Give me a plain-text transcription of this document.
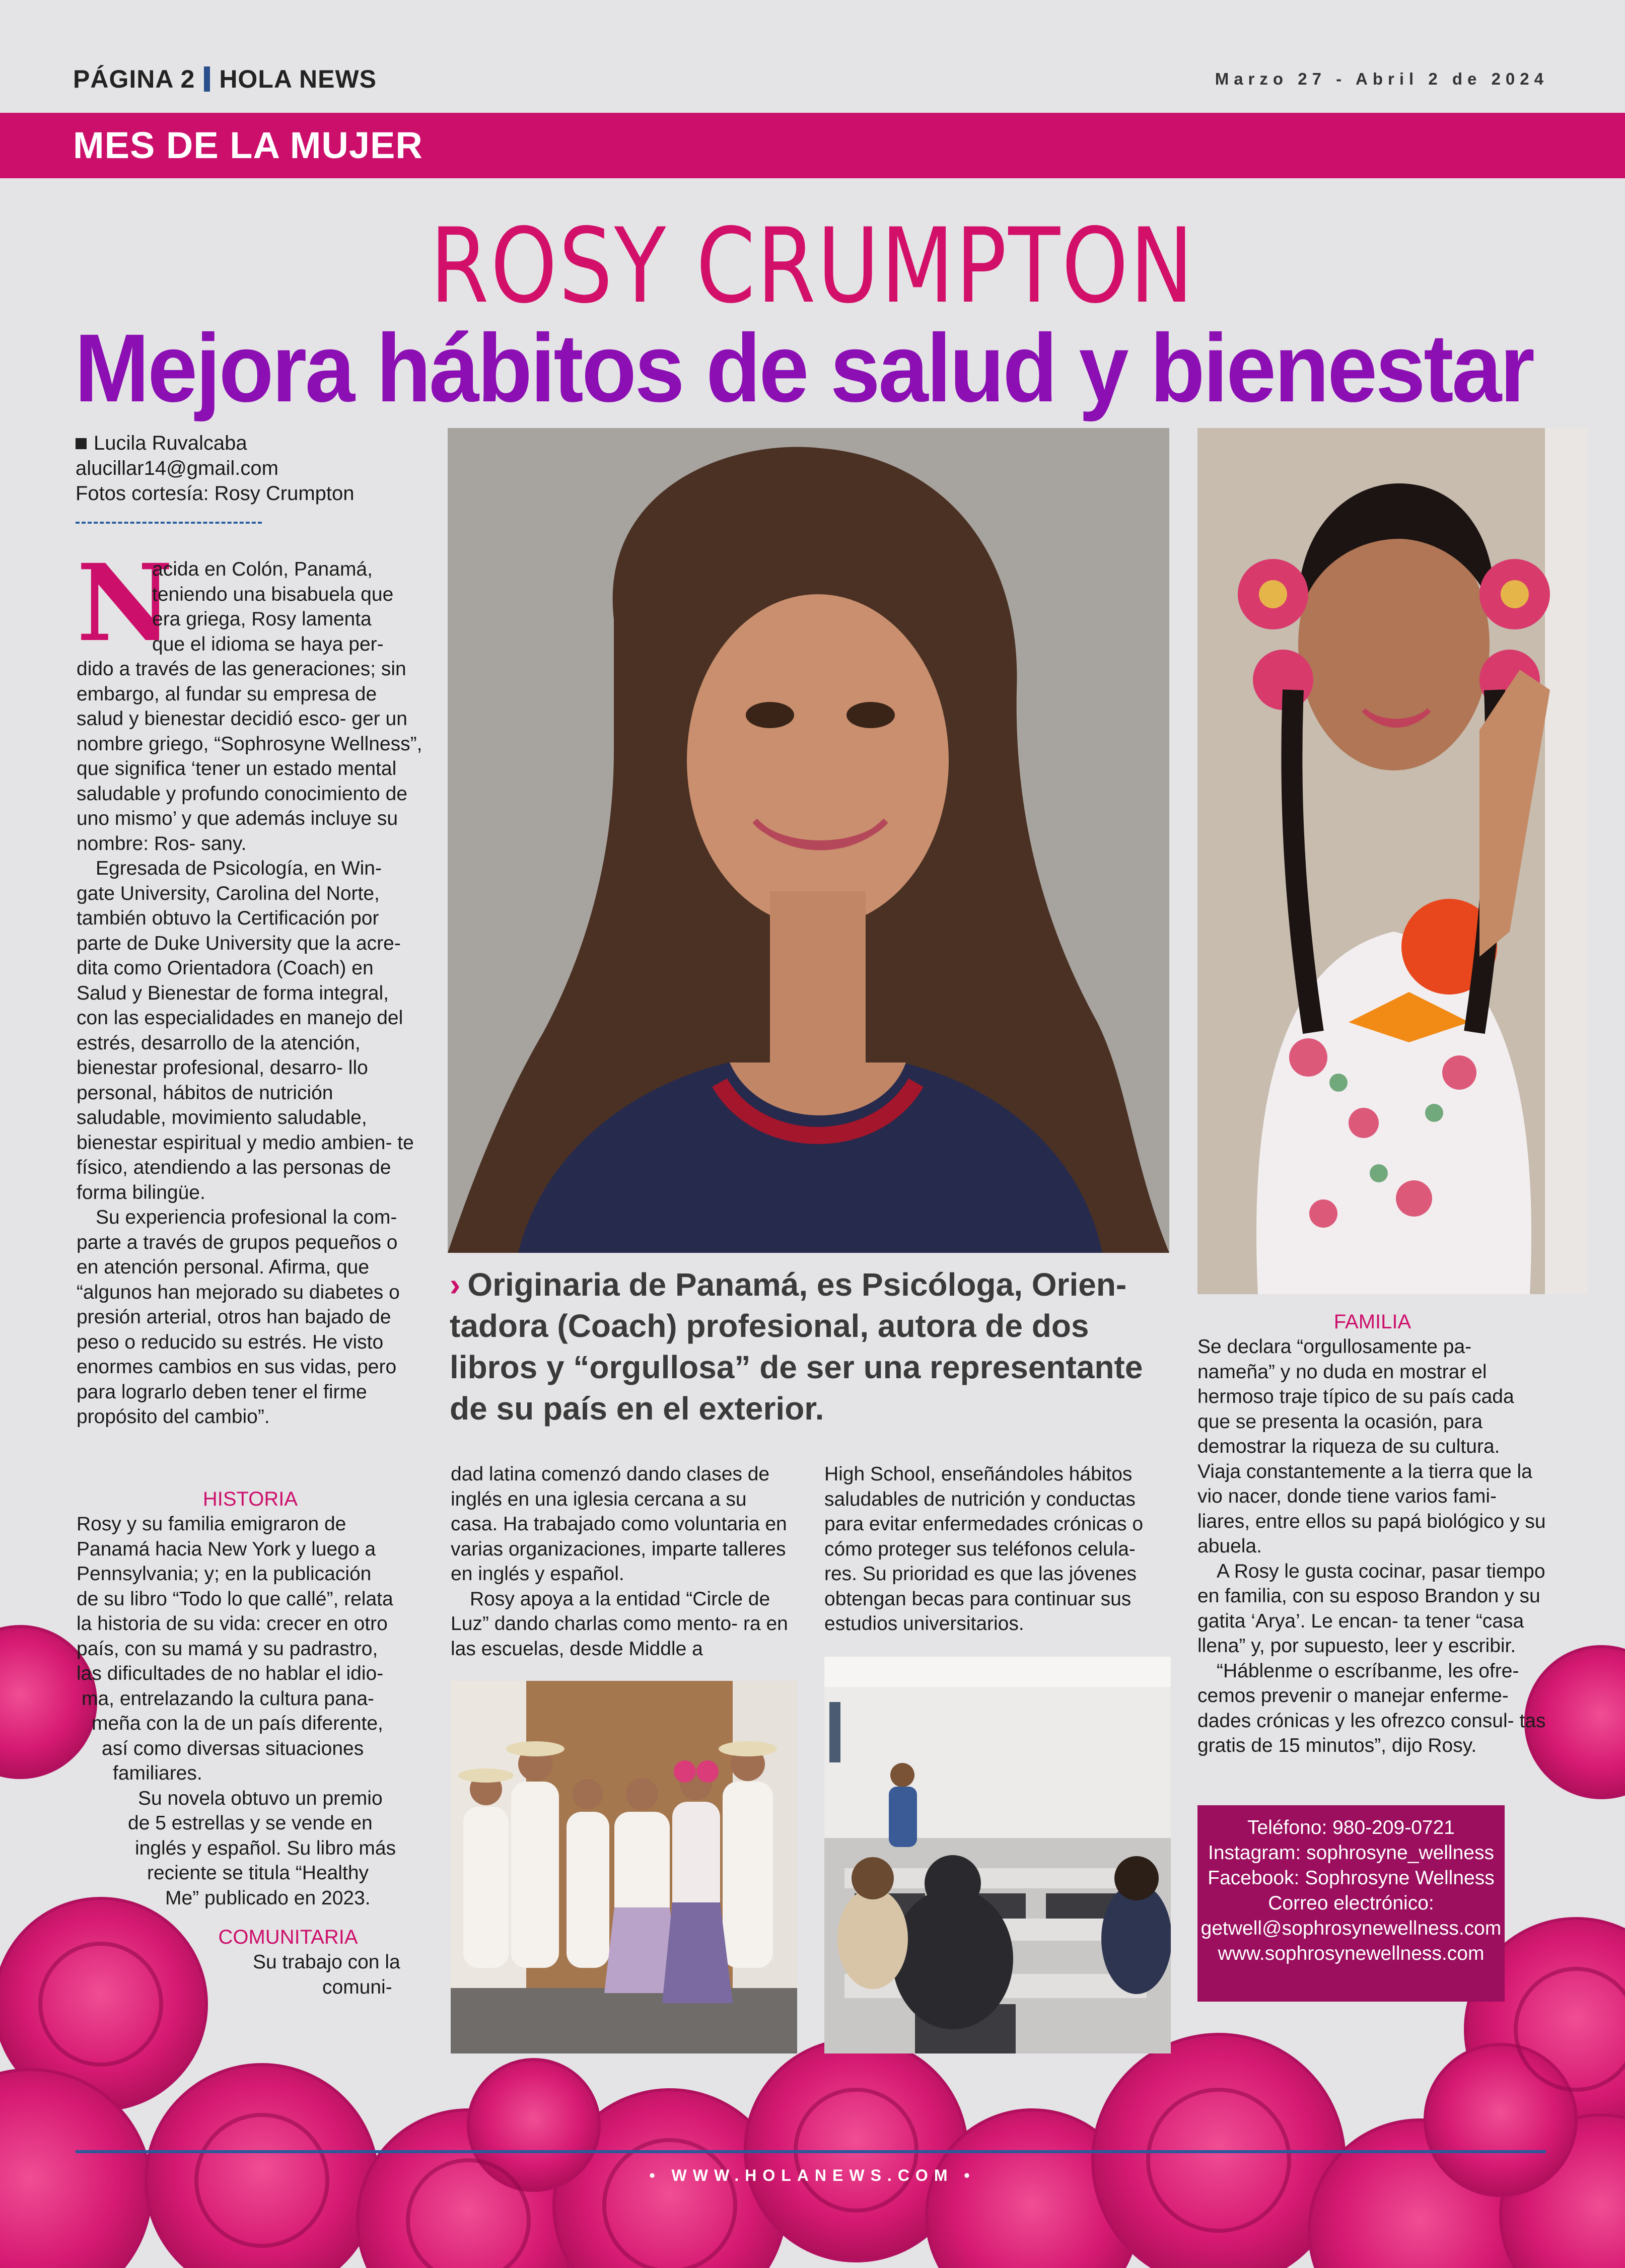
PÁGINA 2 HOLA NEWS	Marzo 27 - Abril 2 de 2024
MES DE LA MUJER
ROSY CRUMPTON
Mejora hábitos de salud y bienestar
Lucila Ruvalcaba
alucillar14@gmail.com
Fotos cortesía: Rosy Crumpton
N
acida en Colón, Panamá,
teniendo una bisabuela que
era griega, Rosy lamenta
que el idioma se haya per-

dido a través de las generaciones; sin embargo, al fundar su empresa de salud y bienestar decidió esco- ger un nombre griego, “Sophrosyne Wellness”, que significa ‘tener un estado mental saludable y profundo conocimiento de uno mismo’ y que además incluye su nombre: Ros- sany.

Egresada de Psicología, en Win- gate University, Carolina del Norte, también obtuvo la Certificación por parte de Duke University que la acre- dita como Orientadora (Coach) en Salud y Bienestar de forma integral, con las especialidades en manejo del estrés, desarrollo de la atención, bienestar profesional, desarro- llo personal, hábitos de nutrición saludable, movimiento saludable, bienestar espiritual y medio ambien- te físico, atendiendo a las personas de forma bilingüe.

Su experiencia profesional la com- parte a través de grupos pequeños o en atención personal. Afirma, que “algunos han mejorado su diabetes o presión arterial, otros han bajado de peso o reducido su estrés. He visto enormes cambios en sus vidas, pero para lograrlo deben tener el firme propósito del cambio”.

HISTORIA
Rosy y su familia emigraron de
Panamá hacia New York y luego a
Pennsylvania; y; en la publicación
de su libro “Todo lo que callé”, relata
la historia de su vida: crecer en otro
país, con su mamá y su padrastro,
las dificultades de no hablar el idio-
ma, entrelazando la cultura pana-
meña con la de un país diferente,
así como diversas situaciones
familiares.
Su novela obtuvo un premio
de 5 estrellas y se vende en
inglés y español. Su libro más
reciente se titula “Healthy
Me” publicado en 2023.
COMUNITARIA
Su trabajo con la
comuni-
› Originaria de Panamá, es Psicóloga, Orien- tadora (Coach) profesional, autora de dos libros y “orgullosa” de ser una representante de su país en el exterior.

dad latina comenzó dando clases de inglés en una iglesia cercana a su casa. Ha trabajado como voluntaria en varias organizaciones, imparte talleres en inglés y español.

Rosy apoya a la entidad “Circle de Luz” dando charlas como mento- ra en las escuelas, desde Middle a

High School, enseñándoles hábitos saludables de nutrición y conductas para evitar enfermedades crónicas o cómo proteger sus teléfonos celula- res. Su prioridad es que las jóvenes obtengan becas para continuar sus estudios universitarios.

FAMILIA

Se declara “orgullosamente pa- nameña” y no duda en mostrar el hermoso traje típico de su país cada que se presenta la ocasión, para demostrar la riqueza de su cultura. Viaja constantemente a la tierra que la vio nacer, donde tiene varios fami- liares, entre ellos su papá biológico y su abuela.

A Rosy le gusta cocinar, pasar tiempo en familia, con su esposo Brandon y su gatita ‘Arya’. Le encan- ta tener “casa llena” y, por supuesto, leer y escribir.

“Háblenme o escríbanme, les ofre- cemos prevenir o manejar enferme- dades crónicas y les ofrezco consul- tas gratis de 15 minutos”, dijo Rosy.

Teléfono: 980-209-0721
Instagram: sophrosyne_wellness
Facebook: Sophrosyne Wellness
Correo electrónico:
getwell@sophrosynewellness.com
www.sophrosynewellness.com
• WWW.HOLANEWS.COM •
